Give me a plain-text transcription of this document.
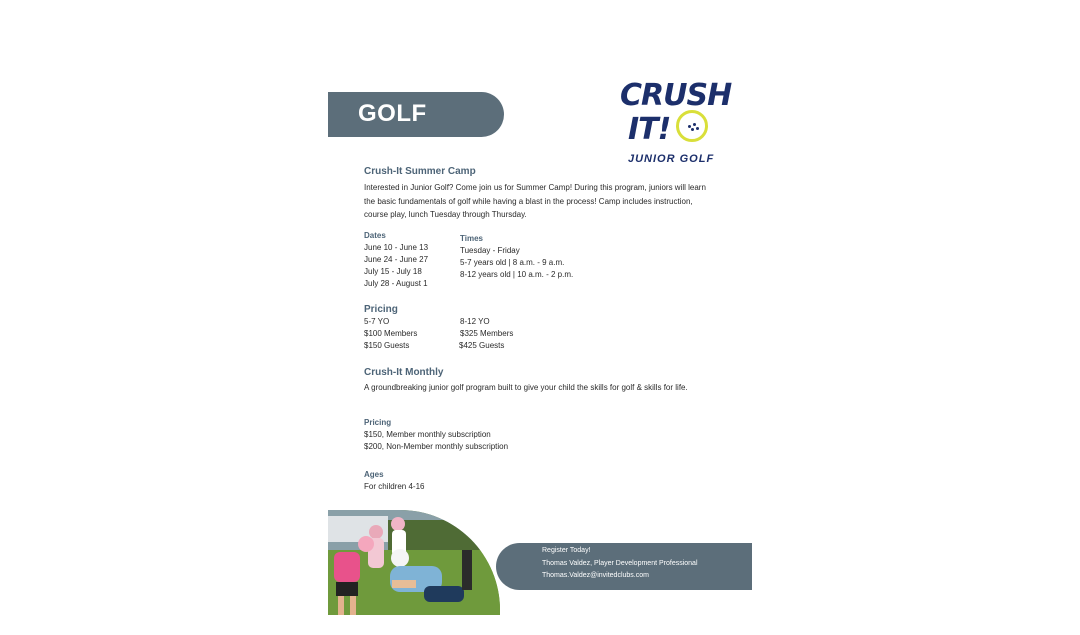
GOLF
CRUSH
IT!
JUNIOR GOLF
Crush-It Summer Camp
Interested in Junior Golf? Come join us for Summer Camp! During this program, juniors will learn the basic fundamentals of golf while having a blast in the process! Camp includes instruction, course play, lunch Tuesday through Thursday.
Dates
June 10 - June 13
June 24 - June 27
July 15 - July 18
July 28 - August 1
Times
Tuesday - Friday
5-7 years old | 8 a.m. - 9 a.m.
8-12 years old | 10 a.m. - 2 p.m.
Pricing
5-7 YO
$100 Members
$150 Guests
8-12 YO
$325 Members
$425 Guests
Crush-It Monthly
A groundbreaking junior golf program built to give your child the skills for golf & skills for life.
Pricing
$150, Member monthly subscription
$200, Non-Member monthly subscription
Ages
For children 4-16
Register Today!
Thomas Valdez, Player Development Professional
Thomas.Valdez@invitedclubs.com
